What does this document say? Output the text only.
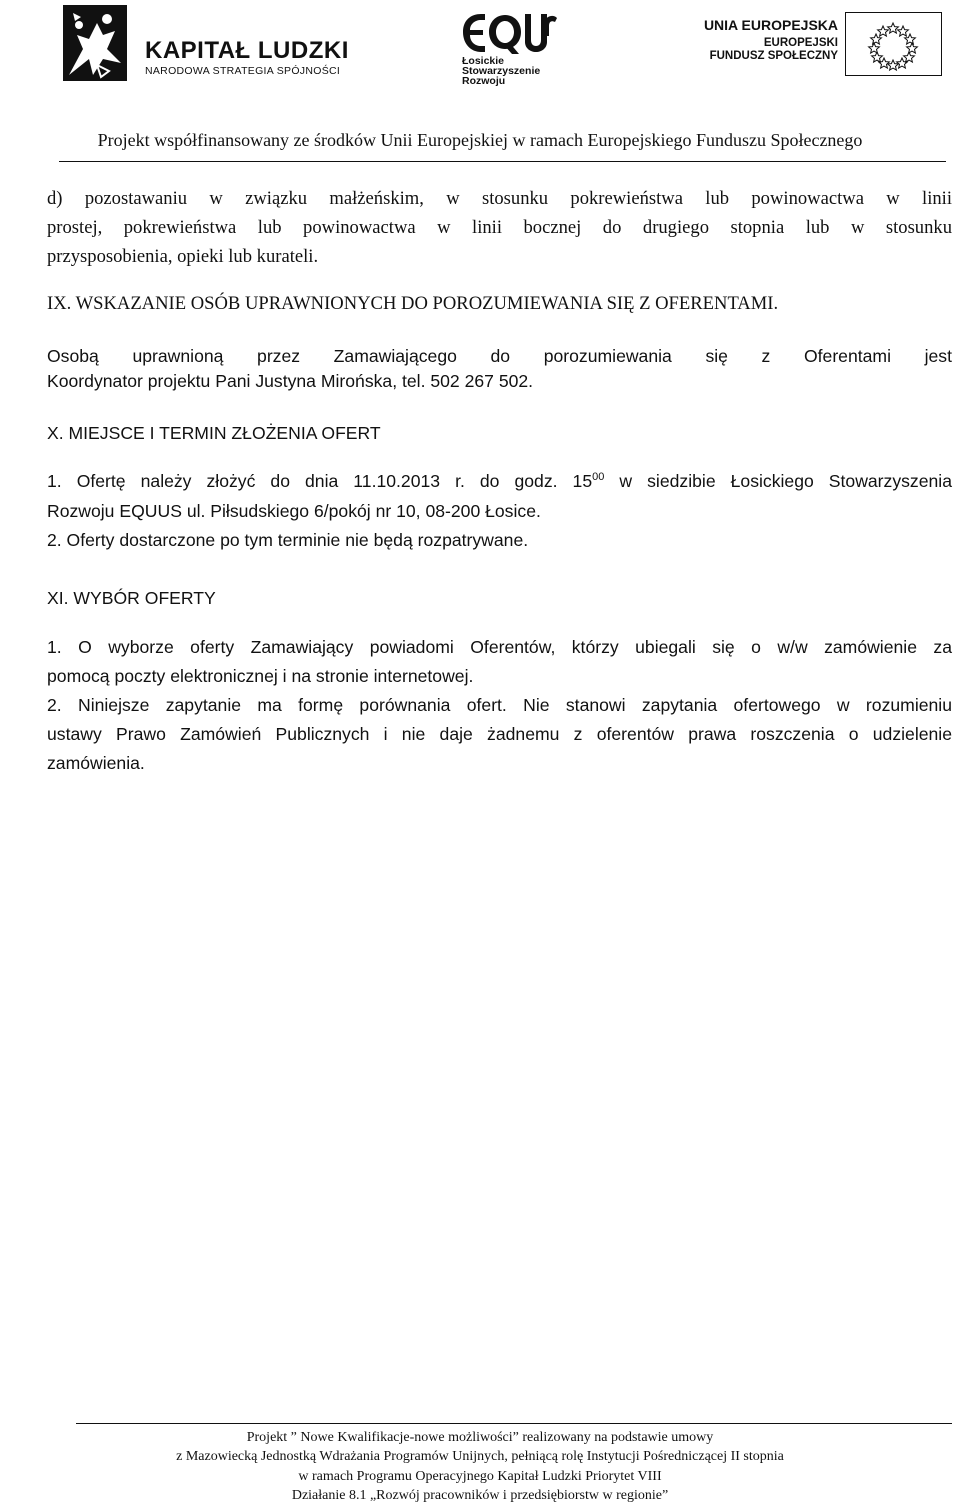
KAPITAŁ LUDZKI
NARODOWA STRATEGIA SPÓJNOŚCI
Łosickie
Stowarzyszenie
Rozwoju
UNIA EUROPEJSKA
EUROPEJSKI
FUNDUSZ SPOŁECZNY
Projekt współfinansowany ze środków Unii Europejskiej w ramach Europejskiego Funduszu Społecznego
d) pozostawaniu w związku małżeńskim, w stosunku pokrewieństwa lub powinowactwa w linii
prostej, pokrewieństwa lub powinowactwa w linii bocznej do drugiego stopnia lub w stosunku
przysposobienia, opieki lub kurateli.
IX. WSKAZANIE OSÓB UPRAWNIONYCH DO POROZUMIEWANIA SIĘ Z OFERENTAMI.
Osobą uprawnioną przez Zamawiającego do porozumiewania się z Oferentami jest
Koordynator projektu Pani Justyna Mirońska, tel. 502 267 502.
X. MIEJSCE I TERMIN ZŁOŻENIA OFERT
1. Ofertę należy złożyć do dnia 11.10.2013 r. do godz. $15^{00}$ w siedzibie Łosickiego Stowarzyszenia
Rozwoju EQUUS ul. Piłsudskiego 6/pokój nr 10, 08-200 Łosice.
2. Oferty dostarczone po tym terminie nie będą rozpatrywane.
XI. WYBÓR OFERTY
1. O wyborze oferty Zamawiający powiadomi Oferentów, którzy ubiegali się o w/w zamówienie za
pomocą poczty elektronicznej i na stronie internetowej.
2. Niniejsze zapytanie ma formę porównania ofert. Nie stanowi zapytania ofertowego w rozumieniu
ustawy Prawo Zamówień Publicznych i nie daje żadnemu z oferentów prawa roszczenia o udzielenie
zamówienia.
Projekt ” Nowe Kwalifikacje-nowe możliwości” realizowany na podstawie umowy
z Mazowiecką Jednostką Wdrażania Programów Unijnych, pełniącą rolę Instytucji Pośredniczącej II stopnia
w ramach Programu Operacyjnego Kapitał Ludzki Priorytet VIII
Działanie 8.1 „Rozwój pracowników i przedsiębiorstw w regionie”
